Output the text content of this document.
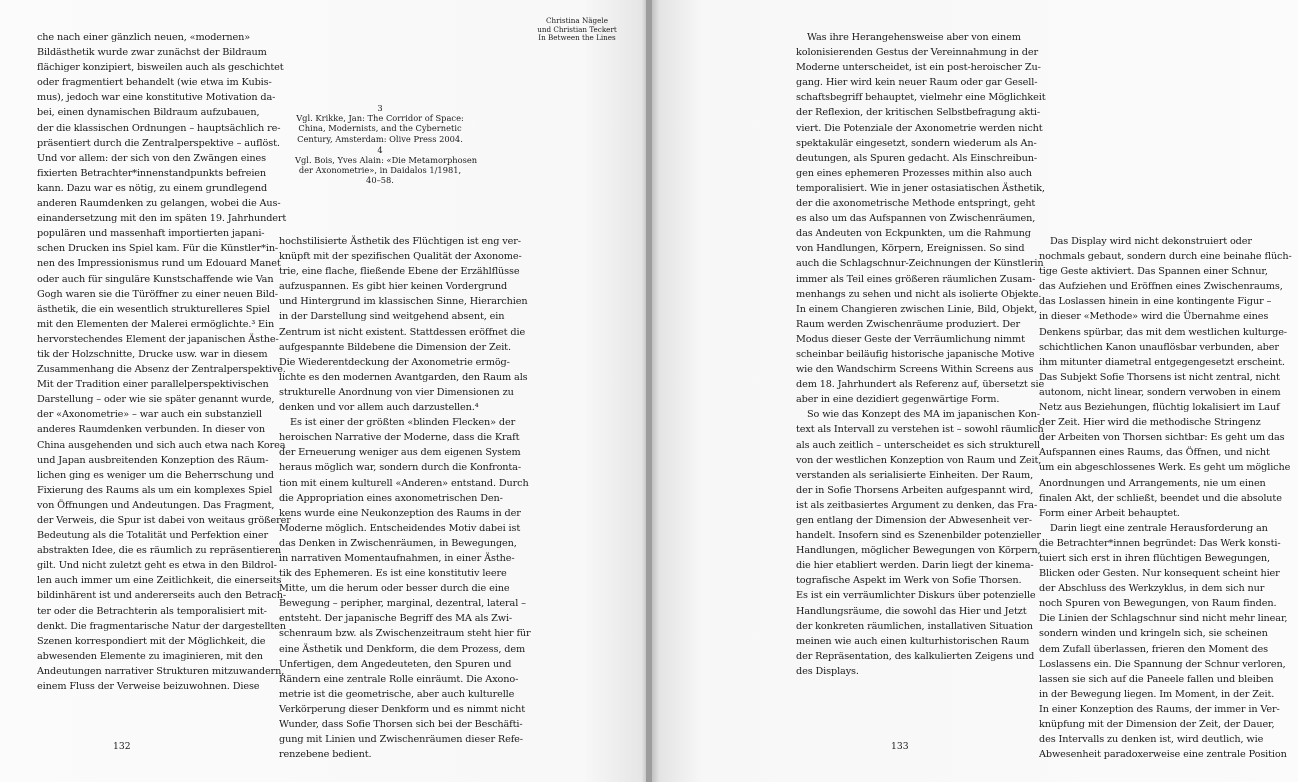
Christina Nägele
und Christian Teckert
In Between the Lines
3
Vgl. Krikke, Jan: The Corridor of Space:
China, Modernists, and the Cybernetic
Century, Amsterdam: Olive Press 2004.
4
Vgl. Bois, Yves Alain: «Die Metamorphosen
der Axonometrie», in Daidalos 1/1981,
40–58.

che nach einer gänzlich neuen, «modernen»
Bildästhetik wurde zwar zunächst der Bildraum
flächiger konzipiert, bisweilen auch als geschichtet
oder fragmentiert behandelt (wie etwa im Kubis-
mus), jedoch war eine konstitutive Motivation da-
bei, einen dynamischen Bildraum aufzubauen,
der die klassischen Ordnungen – hauptsächlich re-
präsentiert durch die Zentralperspektive – auflöst.
Und vor allem: der sich von den Zwängen eines
fixierten Betrachter*innenstandpunkts befreien
kann. Dazu war es nötig, zu einem grundlegend
anderen Raumdenken zu gelangen, wobei die Aus-
einandersetzung mit den im späten 19. Jahrhundert
populären und massenhaft importierten japani-
schen Drucken ins Spiel kam. Für die Künstler*in-
nen des Impressionismus rund um Edouard Manet
oder auch für singuläre Kunstschaffende wie Van
Gogh waren sie die Türöffner zu einer neuen Bild-
ästhetik, die ein wesentlich strukturelleres Spiel
mit den Elementen der Malerei ermöglichte.³ Ein
hervorstechendes Element der japanischen Ästhe-
tik der Holzschnitte, Drucke usw. war in diesem
Zusammenhang die Absenz der Zentralperspektive.
Mit der Tradition einer parallelperspektivischen
Darstellung – oder wie sie später genannt wurde,
der «Axonometrie» – war auch ein substanziell
anderes Raumdenken verbunden. In dieser von
China ausgehenden und sich auch etwa nach Korea
und Japan ausbreitenden Konzeption des Räum-
lichen ging es weniger um die Beherrschung und
Fixierung des Raums als um ein komplexes Spiel
von Öffnungen und Andeutungen. Das Fragment,
der Verweis, die Spur ist dabei von weitaus größerer
Bedeutung als die Totalität und Perfektion einer
abstrakten Idee, die es räumlich zu repräsentieren
gilt. Und nicht zuletzt geht es etwa in den Bildrol-
len auch immer um eine Zeitlichkeit, die einerseits
bildinhärent ist und andererseits auch den Betrach-
ter oder die Betrachterin als temporalisiert mit-
denkt. Die fragmentarische Natur der dargestellten
Szenen korrespondiert mit der Möglichkeit, die
abwesenden Elemente zu imaginieren, mit den
Andeutungen narrativer Strukturen mitzuwandern,
einem Fluss der Verweise beizuwohnen. Diese

hochstilisierte Ästhetik des Flüchtigen ist eng ver-
knüpft mit der spezifischen Qualität der Axonome-
trie, eine flache, fließende Ebene der Erzählflüsse
aufzuspannen. Es gibt hier keinen Vordergrund
und Hintergrund im klassischen Sinne, Hierarchien
in der Darstellung sind weitgehend absent, ein
Zentrum ist nicht existent. Stattdessen eröffnet die
aufgespannte Bildebene die Dimension der Zeit.
Die Wiederentdeckung der Axonometrie ermög-
lichte es den modernen Avantgarden, den Raum als
strukturelle Anordnung von vier Dimensionen zu
denken und vor allem auch darzustellen.⁴

Es ist einer der größten «blinden Flecken» der
heroischen Narrative der Moderne, dass die Kraft
der Erneuerung weniger aus dem eigenen System
heraus möglich war, sondern durch die Konfronta-
tion mit einem kulturell «Anderen» entstand. Durch
die Appropriation eines axonometrischen Den-
kens wurde eine Neukonzeption des Raums in der
Moderne möglich. Entscheidendes Motiv dabei ist
das Denken in Zwischenräumen, in Bewegungen,
in narrativen Momentaufnahmen, in einer Ästhe-
tik des Ephemeren. Es ist eine konstitutiv leere
Mitte, um die herum oder besser durch die eine
Bewegung – peripher, marginal, dezentral, lateral –
entsteht. Der japanische Begriff des MA als Zwi-
schenraum bzw. als Zwischenzeitraum steht hier für
eine Ästhetik und Denkform, die dem Prozess, dem
Unfertigen, dem Angedeuteten, den Spuren und
Rändern eine zentrale Rolle einräumt. Die Axono-
metrie ist die geometrische, aber auch kulturelle
Verkörperung dieser Denkform und es nimmt nicht
Wunder, dass Sofie Thorsen sich bei der Beschäfti-
gung mit Linien und Zwischenräumen dieser Refe-
renzebene bedient.

132

Was ihre Herangehensweise aber von einem
kolonisierenden Gestus der Vereinnahmung in der
Moderne unterscheidet, ist ein post-heroischer Zu-
gang. Hier wird kein neuer Raum oder gar Gesell-
schaftsbegriff behauptet, vielmehr eine Möglichkeit
der Reflexion, der kritischen Selbstbefragung akti-
viert. Die Potenziale der Axonometrie werden nicht
spektakulär eingesetzt, sondern wiederum als An-
deutungen, als Spuren gedacht. Als Einschreibun-
gen eines ephemeren Prozesses mithin also auch
temporalisiert. Wie in jener ostasiatischen Ästhetik,
der die axonometrische Methode entspringt, geht
es also um das Aufspannen von Zwischenräumen,
das Andeuten von Eckpunkten, um die Rahmung
von Handlungen, Körpern, Ereignissen. So sind
auch die Schlagschnur-Zeichnungen der Künstlerin
immer als Teil eines größeren räumlichen Zusam-
menhangs zu sehen und nicht als isolierte Objekte.
In einem Changieren zwischen Linie, Bild, Objekt,
Raum werden Zwischenräume produziert. Der
Modus dieser Geste der Verräumlichung nimmt
scheinbar beiläufig historische japanische Motive
wie den Wandschirm Screens Within Screens aus
dem 18. Jahrhundert als Referenz auf, übersetzt sie
aber in eine dezidiert gegenwärtige Form.

So wie das Konzept des MA im japanischen Kon-
text als Intervall zu verstehen ist – sowohl räumlich
als auch zeitlich – unterscheidet es sich strukturell
von der westlichen Konzeption von Raum und Zeit,
verstanden als serialisierte Einheiten. Der Raum,
der in Sofie Thorsens Arbeiten aufgespannt wird,
ist als zeitbasiertes Argument zu denken, das Fra-
gen entlang der Dimension der Abwesenheit ver-
handelt. Insofern sind es Szenenbilder potenzieller
Handlungen, möglicher Bewegungen von Körpern,
die hier etabliert werden. Darin liegt der kinema-
tografische Aspekt im Werk von Sofie Thorsen.
Es ist ein verräumlichter Diskurs über potenzielle
Handlungsräume, die sowohl das Hier und Jetzt
der konkreten räumlichen, installativen Situation
meinen wie auch einen kulturhistorischen Raum
der Repräsentation, des kalkulierten Zeigens und
des Displays.

Das Display wird nicht dekonstruiert oder
nochmals gebaut, sondern durch eine beinahe flüch-
tige Geste aktiviert. Das Spannen einer Schnur,
das Aufziehen und Eröffnen eines Zwischenraums,
das Loslassen hinein in eine kontingente Figur –
in dieser «Methode» wird die Übernahme eines
Denkens spürbar, das mit dem westlichen kulturge-
schichtlichen Kanon unauflösbar verbunden, aber
ihm mitunter diametral entgegengesetzt erscheint.
Das Subjekt Sofie Thorsens ist nicht zentral, nicht
autonom, nicht linear, sondern verwoben in einem
Netz aus Beziehungen, flüchtig lokalisiert im Lauf
der Zeit. Hier wird die methodische Stringenz
der Arbeiten von Thorsen sichtbar: Es geht um das
Aufspannen eines Raums, das Öffnen, und nicht
um ein abgeschlossenes Werk. Es geht um mögliche
Anordnungen und Arrangements, nie um einen
finalen Akt, der schließt, beendet und die absolute
Form einer Arbeit behauptet.

Darin liegt eine zentrale Herausforderung an
die Betrachter*innen begründet: Das Werk konsti-
tuiert sich erst in ihren flüchtigen Bewegungen,
Blicken oder Gesten. Nur konsequent scheint hier
der Abschluss des Werkzyklus, in dem sich nur
noch Spuren von Bewegungen, von Raum finden.
Die Linien der Schlagschnur sind nicht mehr linear,
sondern winden und kringeln sich, sie scheinen
dem Zufall überlassen, frieren den Moment des
Loslassens ein. Die Spannung der Schnur verloren,
lassen sie sich auf die Paneele fallen und bleiben
in der Bewegung liegen. Im Moment, in der Zeit.
In einer Konzeption des Raums, der immer in Ver-
knüpfung mit der Dimension der Zeit, der Dauer,
des Intervalls zu denken ist, wird deutlich, wie
Abwesenheit paradoxerweise eine zentrale Position

133
